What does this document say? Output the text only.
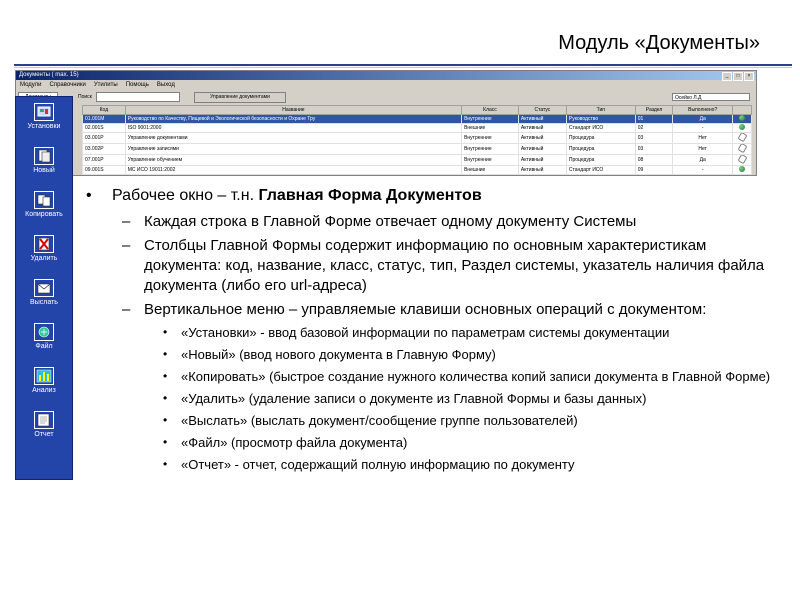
Модуль «Документы»
Документы ( max. 15)	_	□	×
Модули Справочники Утилиты Помощь Выход
Поиск	Управление документами	Осейко Л.Д
Код	Название	Класс	Статус	Тип	Раздел	Выполнено?	
01.001М	Руководство по Качеству, Пищевой и Экологической безопасности и Охране Тру	Внутренние	Активный	Руководство	01	Да	
02.001S	ISO 9001:2000	Внешние	Активный	Стандарт ИСО	02	-	
03.001P	Управление документами	Внутренние	Активный	Процедура	03	Нет	
03.002P	Управление записями	Внутренние	Активный	Процедура	03	Нет	
07.001P	Управление обучением	Внутренние	Активный	Процедура	08	Да	
09.001S	МС ИСО 19011:2002	Внешние	Активный	Стандарт ИСО	09	-	
Установки
Новый
Копировать
Удалить
Выслать
Файл
Анализ
Отчет
• Рабочее окно – т.н. Главная Форма Документов
– Каждая строка в Главной Форме отвечает одному документу Системы
– Столбцы Главной Формы содержит информацию по основным характеристикам документа: код, название, класс, статус, тип, Раздел системы, указатель наличия файла документа (либо его url-адреса)
– Вертикальное меню – управляемые клавиши основных операций с документом:
• «Установки» - ввод базовой информации по параметрам системы документации
• «Новый» (ввод нового документа в Главную Форму)
• «Копировать» (быстрое создание нужного количества копий записи документа в Главной Форме)
• «Удалить» (удаление записи о документе из Главной Формы и базы данных)
• «Выслать» (выслать документ/сообщение группе пользователей)
• «Файл» (просмотр файла документа)
• «Отчет» - отчет, содержащий полную информацию по документу
